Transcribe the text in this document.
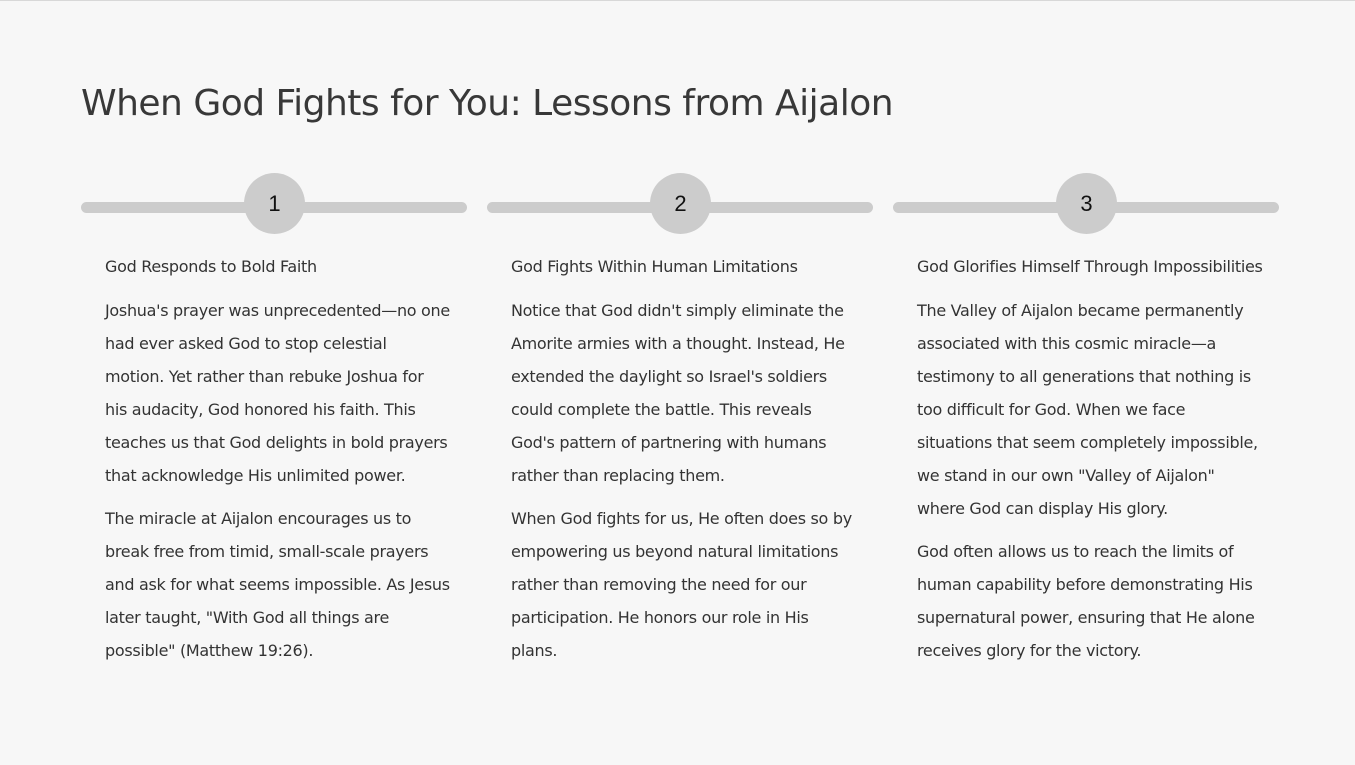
When God Fights for You: Lessons from Aijalon
1
God Responds to Bold Faith

Joshua's prayer was unprecedented—no one had ever asked God to stop celestial motion. Yet rather than rebuke Joshua for his audacity, God honored his faith. This teaches us that God delights in bold prayers that acknowledge His unlimited power.

The miracle at Aijalon encourages us to break free from timid, small-scale prayers and ask for what seems impossible. As Jesus later taught, "With God all things are possible" (Matthew 19:26).

2
God Fights Within Human Limitations

Notice that God didn't simply eliminate the Amorite armies with a thought. Instead, He extended the daylight so Israel's soldiers could complete the battle. This reveals God's pattern of partnering with humans rather than replacing them.

When God fights for us, He often does so by empowering us beyond natural limitations rather than removing the need for our participation. He honors our role in His plans.

3
God Glorifies Himself Through Impossibilities

The Valley of Aijalon became permanently associated with this cosmic miracle—a testimony to all generations that nothing is too difficult for God. When we face situations that seem completely impossible, we stand in our own "Valley of Aijalon" where God can display His glory.

God often allows us to reach the limits of human capability before demonstrating His supernatural power, ensuring that He alone receives glory for the victory.
